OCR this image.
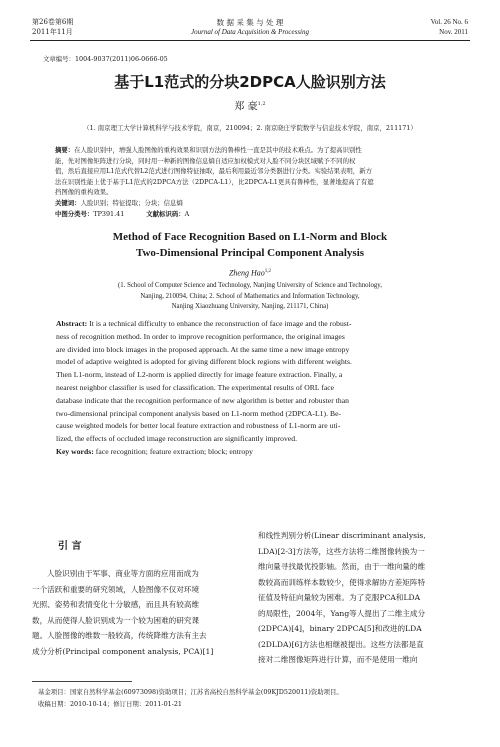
第26卷第6期
2011年11月
数 据 采 集 与 处 理
Journal of Data Acquisition & Processing
Vol. 26 No. 6
Nov. 2011
文章编号：1004-9037(2011)06-0666-05
基于L1范式的分块2DPCA人脸识别方法
郑 豪$^{1,2}$
（1. 南京理工大学计算机科学与技术学院，南京，210094；2. 南京晓庄学院数学与信息技术学院，南京，211171）
摘要：在人脸识别中，增强人脸图像的重构效果和识别方法的鲁棒性一直是其中的技术难点。为了提高识别性
能，先对图像矩阵进行分块，同时用一种新的图像信息熵自适应加权模式对人脸不同分块区域赋予不同的权
值，然后直接应用L1范式代替L2范式进行图像特征抽取，最后利用最近邻分类器进行分类。实验结果表明，新方
法在识别性能上优于基于L1范式的2DPCA方法（2DPCA-L1），比2DPCA-L1更具有鲁棒性，显著地提高了有遮
挡图像的重构效果。
关键词：人脸识别；特征提取；分块；信息熵
中图分类号：TP391.41	文献标识码：A
Method of Face Recognition Based on L1-Norm and Block
Two-Dimensional Principal Component Analysis
Zheng Hao$^{1,2}$
(1. School of Computer Science and Technology, Nanjing University of Science and Technology,
Nanjing, 210094, China; 2. School of Mathematics and Information Technology,
Nanjing Xiaozhuang University, Nanjing, 211171, China)
Abstract: It is a technical difficulty to enhance the reconstruction of face image and the robust-
ness of recognition method. In order to improve recognition performance, the original images
are divided into block images in the proposed approach. At the same time a new image entropy
model of adaptive weighted is adopted for giving different block regions with different weights.
Then L1-norm, instead of L2-norm is applied directly for image feature extraction. Finally, a
nearest neighbor classifier is used for classification. The experimental results of ORL face
database indicate that the recognition performance of new algorithm is better and robuster than
two-dimensional principal component analysis based on L1-norm method (2DPCA-L1). Be-
cause weighted models for better local feature extraction and robustness of L1-norm are uti-
lized, the effects of occluded image reconstruction are significantly improved.
Key words: face recognition; feature extraction; block; entropy
引 言
人脸识别由于军事、商业等方面的应用而成为
一个活跃和重要的研究领域，人脸图像不仅对环境
光照、姿势和表情变化十分敏感，而且具有较高维
数，从而使得人脸识别成为一个较为困难的研究课
题。人脸图像的维数一般较高，传统降维方法有主去
成分分析(Principal component analysis, PCA)[1]
和线性判别分析(Linear discriminant analysis,
LDA)[2-3]方法等，这些方法将二维图像转换为一
维向量寻找最优投影轴。然而，由于一维向量的维
数较高而训练样本数较少，使得求解协方差矩阵特
征值及特征向量较为困难。为了克服PCA和LDA
的局限性，2004年，Yang等人提出了二维主成分
(2DPCA)[4]，binary 2DPCA[5]和改进的LDA
(2DLDA)[6]方法也相继被提出。这些方法都是直
接对二维图像矩阵进行计算，而不是使用一维向
基金项目：国家自然科学基金(60973098)资助项目；江苏省高校自然科学基金(09KJD520011)资助项目。
收稿日期：2010-10-14；修订日期：2011-01-21
